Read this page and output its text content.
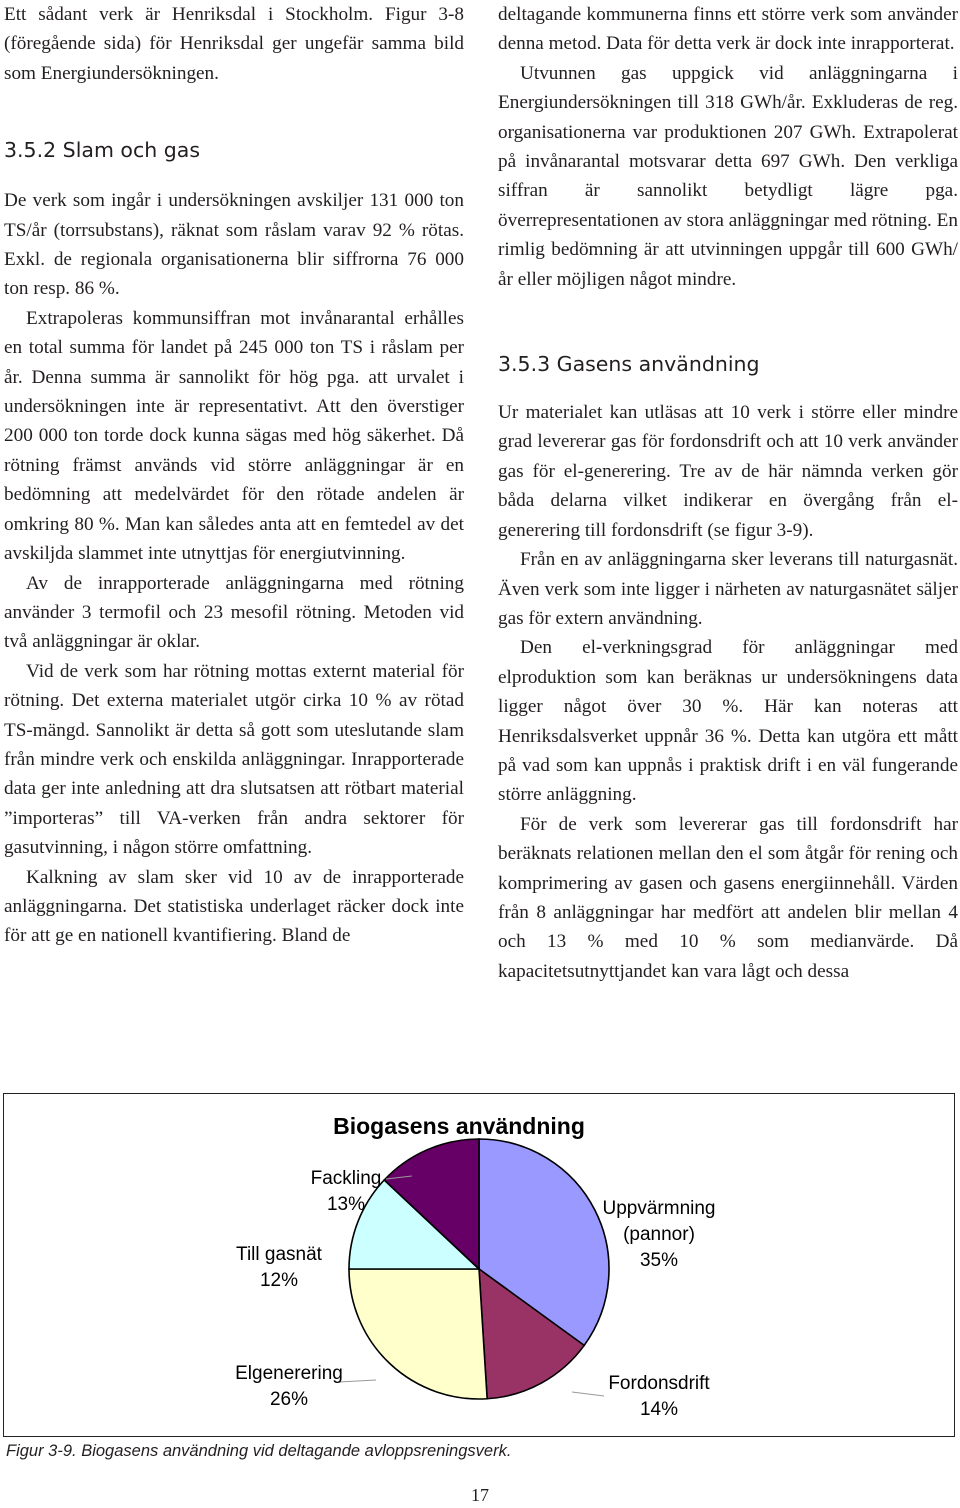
Ett sådant verk är Henriksdal i Stockholm. Figur 3-8 (föregående sida) för Henriksdal ger ungefär samma bild som Energiundersökningen.

3.5.2 Slam och gas

De verk som ingår i undersökningen avskiljer 131 000 ton TS/år (torrsubstans), räknat som råslam varav 92 % rötas. Exkl. de regionala organisationerna blir siffrorna 76 000 ton resp. 86 %.

Extrapoleras kommunsiffran mot invånarantal erhålles en total summa för landet på 245 000 ton TS i råslam per år. Denna summa är sannolikt för hög pga. att urvalet i undersökningen inte är representativt. Att den överstiger 200 000 ton torde dock kunna sägas med hög säkerhet. Då rötning främst används vid större anläggningar är en bedömning att medelvärdet för den rötade andelen är omkring 80 %. Man kan således anta att en femtedel av det avskiljda slammet inte utnyttjas för energiutvinning.

Av de inrapporterade anläggningarna med rötning använder 3 termofil och 23 mesofil rötning. Metoden vid två anläggningar är oklar.

Vid de verk som har rötning mottas externt material för rötning. Det externa materialet utgör cirka 10 % av rötad TS-mängd. Sannolikt är detta så gott som uteslutande slam från mindre verk och enskilda anläggningar. Inrapporterade data ger inte anledning att dra slutsatsen att rötbart material ”importeras” till VA-verken från andra sektorer för gasutvinning, i någon större omfattning.

Kalkning av slam sker vid 10 av de inrapporterade anläggningarna. Det statistiska underlaget räcker dock inte för att ge en nationell kvantifiering. Bland de

deltagande kommunerna finns ett större verk som använder denna metod. Data för detta verk är dock inte inrapporterat.

Utvunnen gas uppgick vid anläggningarna i Energiundersökningen till 318 GWh/år. Exkluderas de reg. organisationerna var produktionen 207 GWh. Extrapolerat på invånarantal motsvarar detta 697 GWh. Den verkliga siffran är sannolikt betydligt lägre pga. överrepresentationen av stora anläggningar med rötning. En rimlig bedömning är att utvinningen uppgår till 600 GWh/år eller möjligen något mindre.

3.5.3 Gasens användning

Ur materialet kan utläsas att 10 verk i större eller mindre grad levererar gas för fordonsdrift och att 10 verk använder gas för el-generering. Tre av de här nämnda verken gör båda delarna vilket indikerar en övergång från el-generering till fordonsdrift (se figur 3-9).

Från en av anläggningarna sker leverans till naturgasnät. Även verk som inte ligger i närheten av naturgasnätet säljer gas för extern användning.

Den el-verkningsgrad för anläggningar med elproduktion som kan beräknas ur undersökningens data ligger något över 30 %. Här kan noteras att Henriksdalsverket uppnår 36 %. Detta kan utgöra ett mått på vad som kan uppnås i praktisk drift i en väl fungerande större anläggning.

För de verk som levererar gas till fordonsdrift har beräknats relationen mellan den el som åtgår för rening och komprimering av gasen och gasens energiinnehåll. Värden från 8 anläggningar har medfört att andelen blir mellan 4 och 13 % med 10 % som medianvärde. Då kapacitetsutnyttjandet kan vara lågt och dessa

Biogasens användning
Uppvärmning (pannor) 35%
Fordonsdrift 14%
Elgenerering 26%
Till gasnät 12%
Fackling 13%
Figur 3-9. Biogasens användning vid deltagande avloppsreningsverk.
17
